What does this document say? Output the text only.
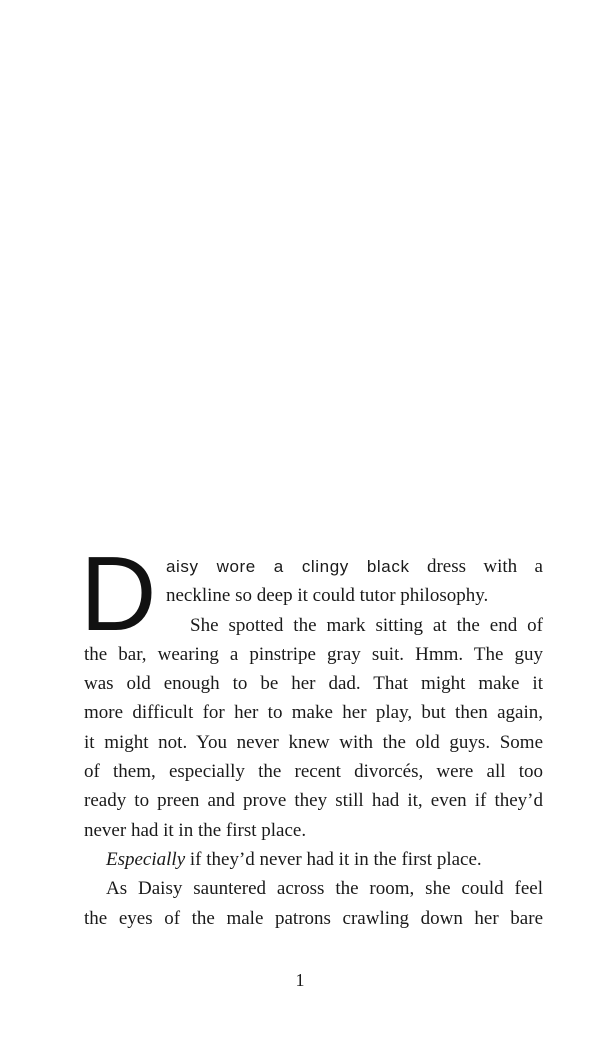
D aisy wore a clingy black dress with a
neckline so deep it could tutor philosophy.
She spotted the mark sitting at the end of
the bar, wearing a pinstripe gray suit. Hmm. The guy
was old enough to be her dad. That might make it
more difficult for her to make her play, but then again,
it might not. You never knew with the old guys. Some
of them, especially the recent divorcés, were all too
ready to preen and prove they still had it, even if they’d
never had it in the first place.
Especially if they’d never had it in the first place.
As Daisy sauntered across the room, she could feel
the eyes of the male patrons crawling down her bare
1
